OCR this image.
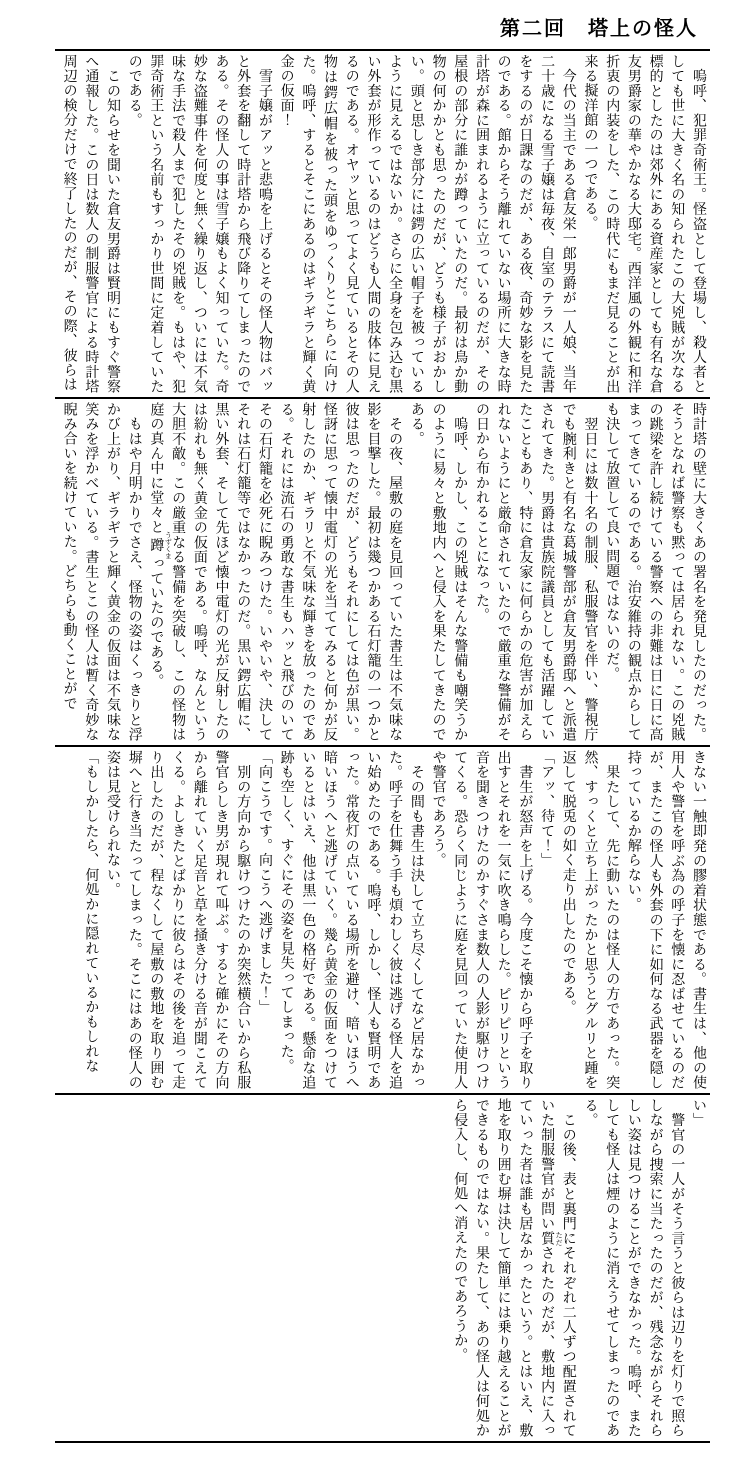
第二回　塔上の怪人

　嗚呼、犯罪奇術王。怪盗として登場し、殺人者としても世に大きく名の知られたこの大兇賊が次なる標的としたのは郊外にある資産家としても有名な倉友男爵家の華やかなる大邸宅。西洋風の外観に和洋折衷の内装をした、この時代にもまだ見ることが出来る擬洋館の一つである。

　今代の当主である倉友栄一郎男爵が一人娘、当年二十歳になる雪子嬢は毎夜、自室のテラスにて読書をするのが日課なのだが、ある夜、奇妙な影を見たのである。館からそう離れていない場所に大きな時計塔が森に囲まれるように立っているのだが、その屋根の部分に誰かが蹲っていたのだ。最初は鳥か動物の何かかとも思ったのだが、どうも様子がおかしい。頭と思しき部分には鍔の広い帽子を被っているように見えるではないか。さらに全身を包み込む黒い外套が形作っているのはどうも人間の肢体に見えるのである。オヤッと思ってよく見ているとその人物は鍔広帽を被った頭をゆっくりとこちらに向けた。嗚呼、するとそこにあるのはギラギラと輝く黄金の仮面！

　雪子嬢がアッと悲鳴を上げるとその怪人物はバッと外套を翻して時計塔から飛び降りてしまったのである。その怪人の事は雪子嬢もよく知っていた。奇妙な盗難事件を何度と無く繰り返し、ついには不気味な手法で殺人まで犯したその兇賊を。もはや、犯罪奇術王という名前もすっかり世間に定着していたのである。

　この知らせを聞いた倉友男爵は賢明にもすぐ警察へ通報した。この日は数人の制服警官による時計塔周辺の検分だけで終了したのだが、その際、彼らは

時計塔の壁に大きくあの署名を発見したのだった。そうとなれば警察も黙っては居られない。この兇賊の跳梁を許し続けている警察への非難は日に日に高まってきているのである。治安維持の観点からしても決して放置して良い問題ではないのだ。

　翌日には数十名の制服、私服警官を伴い、警視庁でも腕利きと有名な葛城警部が倉友男爵邸へと派遣されてきた。男爵は貴族院議員としても活躍していたこともあり、特に倉友家に何らかの危害が加えられないようにと厳命されていたので厳重な警備がその日から布かれることになった。

　嗚呼、しかし、この兇賊はそんな警備も嘲笑うかのように易々と敷地内へと侵入を果たしてきたのである。

　その夜、屋敷の庭を見回っていた書生は不気味な影を目撃した。最初は幾つかある石灯籠の一つかと彼は思ったのだが、どうもそれにしては色が黒い。怪訝に思って懐中電灯の光を当ててみると何かが反射したのか、ギラリと不気味な輝きを放ったのである。それには流石の勇敢な書生もハッと飛びのいてその石灯籠を必死に睨みつけた。いやいや、決してそれは石灯籠等ではなかったのだ。黒い鍔広帽に、黒い外套、そして先ほど懐中電灯の光が反射したのは紛れも無く黄金の仮面である。嗚呼、なんという大胆不敵。この厳重なる警備を突破し、この怪物は庭の真ん中に堂々と蹲 うずくまっていたのである。

　もはや月明かりでさえ、怪物の姿はくっきりと浮かび上がり、ギラギラと輝く黄金の仮面は不気味な笑みを浮かべている。書生とこの怪人は暫く奇妙な睨み合いを続けていた。どちらも動くことがで

きない一触即発の膠着状態である。書生は、他の使用人や警官を呼ぶ為の呼子を懐に忍ばせているのだが、またこの怪人も外套の下に如何なる武器を隠し持っているか解らない。

　果たして、先に動いたのは怪人の方であった。突然、すっくと立ち上がったかと思うとグルリと踵を返して脱兎の如く走り出したのである。

「アッ、待て！」

　書生が怒声を上げる。今度こそ懐から呼子を取り出すとそれを一気に吹き鳴らした。ピリピリという音を聞きつけたのかすぐさま数人の人影が駆けつけてくる。恐らく同じように庭を見回っていた使用人や警官であろう。

　その間も書生は決して立ち尽くしてなど居なかった。呼子を仕舞う手も煩わしく彼は逃げる怪人を追い始めたのである。嗚呼、しかし、怪人も賢明であった。常夜灯の点いている場所を避け、暗いほうへ暗いほうへと逃げていく。幾ら黄金の仮面をつけているとはいえ、他は黒一色の格好である。懸命な追跡も空しく、すぐにその姿を見失ってしまった。

「向こうです。向こうへ逃げました！」

　別の方向から駆けつけたのか突然横合いから私服警官らしき男が現れて叫ぶ。すると確かにその方向から離れていく足音と草を掻き分ける音が聞こえてくる。よしきたとばかりに彼らはその後を追って走り出したのだが、程なくして屋敷の敷地を取り囲む塀へと行き当たってしまった。そこにはあの怪人の姿は見受けられない。

「もしかしたら、何処かに隠れているかもしれな

い」

　警官の一人がそう言うと彼らは辺りを灯りで照らしながら捜索に当たったのだが、残念ながらそれらしい姿は見つけることができなかった。嗚呼、またしても怪人は煙のように消えうせてしまったのである。

　この後、表と裏門にそれぞれ二人ずつ配置されていた制服警官が問い質 ただされたのだが、敷地内に入っていった者は誰も居なかったという。とはいえ、敷地を取り囲む塀は決して簡単には乗り越えることができるものではない。果たして、あの怪人は何処から侵入し、何処へ消えたのであろうか。
